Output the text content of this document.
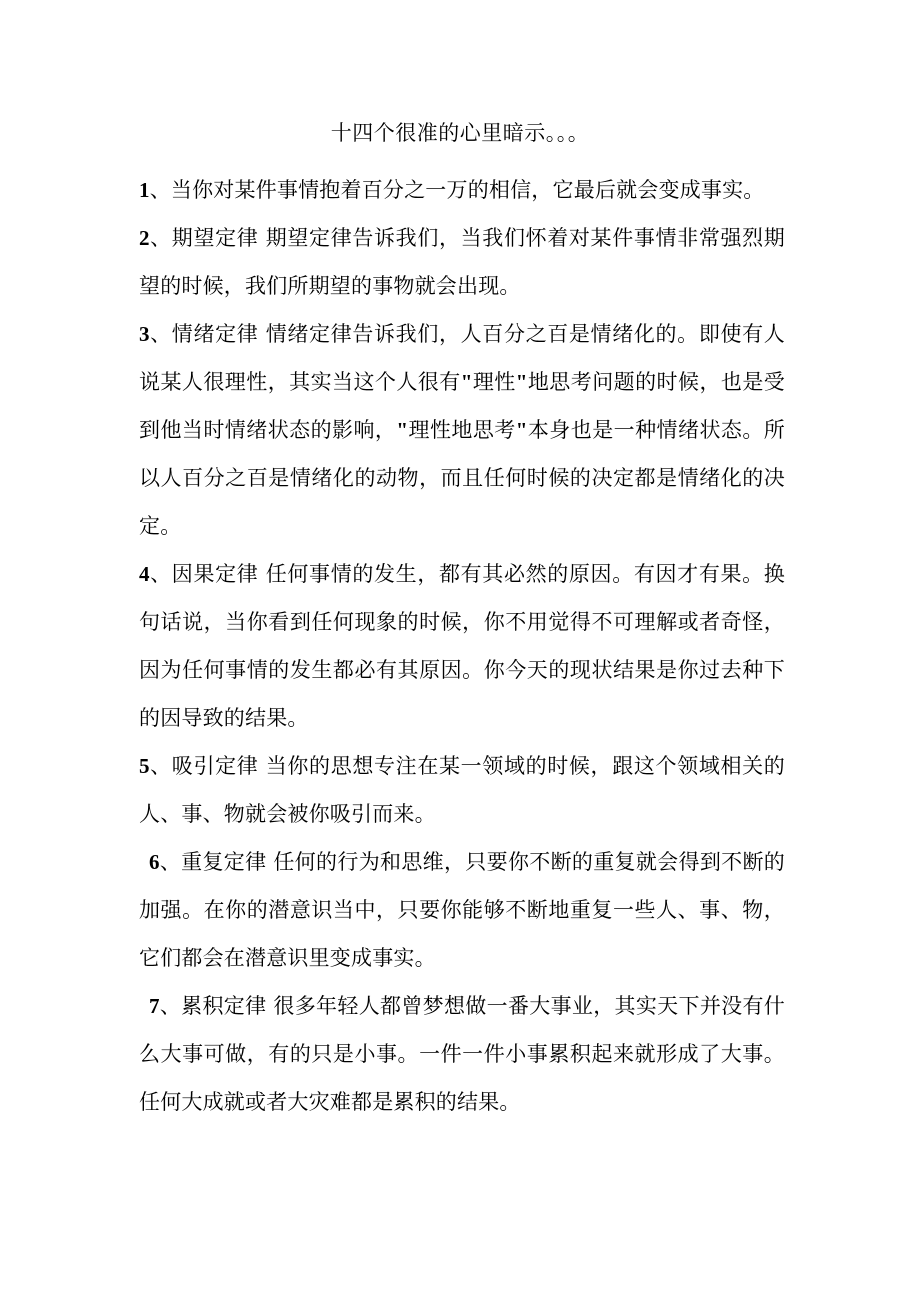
十四个很准的心里暗示。。。

1、当你对某件事情抱着百分之一万的相信，它最后就会变成事实。

2、期望定律 期望定律告诉我们，当我们怀着对某件事情非常强烈期望的时候，我们所期望的事物就会出现。

3、情绪定律 情绪定律告诉我们，人百分之百是情绪化的。即使有人说某人很理性，其实当这个人很有"理性"地思考问题的时候，也是受到他当时情绪状态的影响，"理性地思考"本身也是一种情绪状态。所以人百分之百是情绪化的动物，而且任何时候的决定都是情绪化的决定。

4、因果定律 任何事情的发生，都有其必然的原因。有因才有果。换句话说，当你看到任何现象的时候，你不用觉得不可理解或者奇怪，因为任何事情的发生都必有其原因。你今天的现状结果是你过去种下的因导致的结果。

5、吸引定律 当你的思想专注在某一领域的时候，跟这个领域相关的人、事、物就会被你吸引而来。

6、重复定律 任何的行为和思维，只要你不断的重复就会得到不断的加强。在你的潜意识当中，只要你能够不断地重复一些人、事、物，它们都会在潜意识里变成事实。

7、累积定律 很多年轻人都曾梦想做一番大事业，其实天下并没有什么大事可做，有的只是小事。一件一件小事累积起来就形成了大事。任何大成就或者大灾难都是累积的结果。
